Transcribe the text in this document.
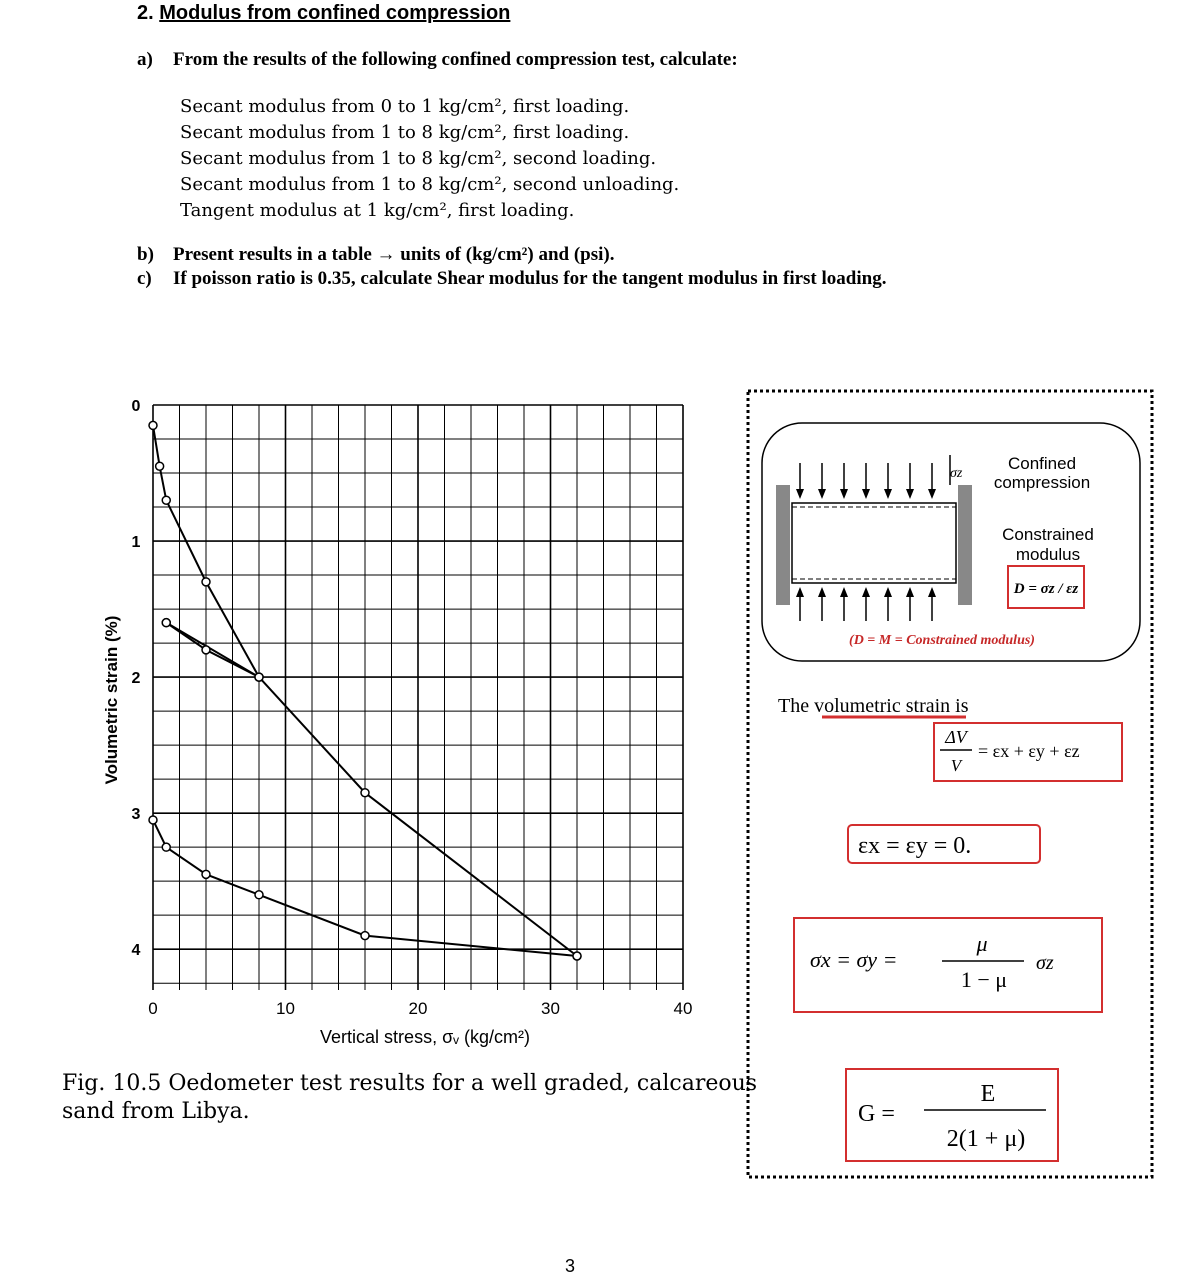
2. Modulus from confined compression
a) From the results of the following confined compression test, calculate:
Secant modulus from 0 to 1 kg/cm², first loading.
Secant modulus from 1 to 8 kg/cm², first loading.
Secant modulus from 1 to 8 kg/cm², second loading.
Secant modulus from 1 to 8 kg/cm², second unloading.
Tangent modulus at 1 kg/cm², first loading.
b) Present results in a table → units of (kg/cm²) and (psi).
c) If poisson ratio is 0.35, calculate Shear modulus for the tangent modulus in first loading.
0	10	20	30	40
0
1
2
3
4
Volumetric strain (%)
Vertical stress, σᵥ (kg/cm²)
Fig. 10.5 Oedometer test results for a well graded, calcareous
sand from Libya.
σz
Confined
compression
Constrained
modulus
D = σz / εz
(D = M = Constrained modulus)
The volumetric strain is
ΔV
V
= εx + εy + εz
εx = εy = 0.
σx = σy =
μ
1 − μ
σz
G =
E
2(1 + μ)
3
